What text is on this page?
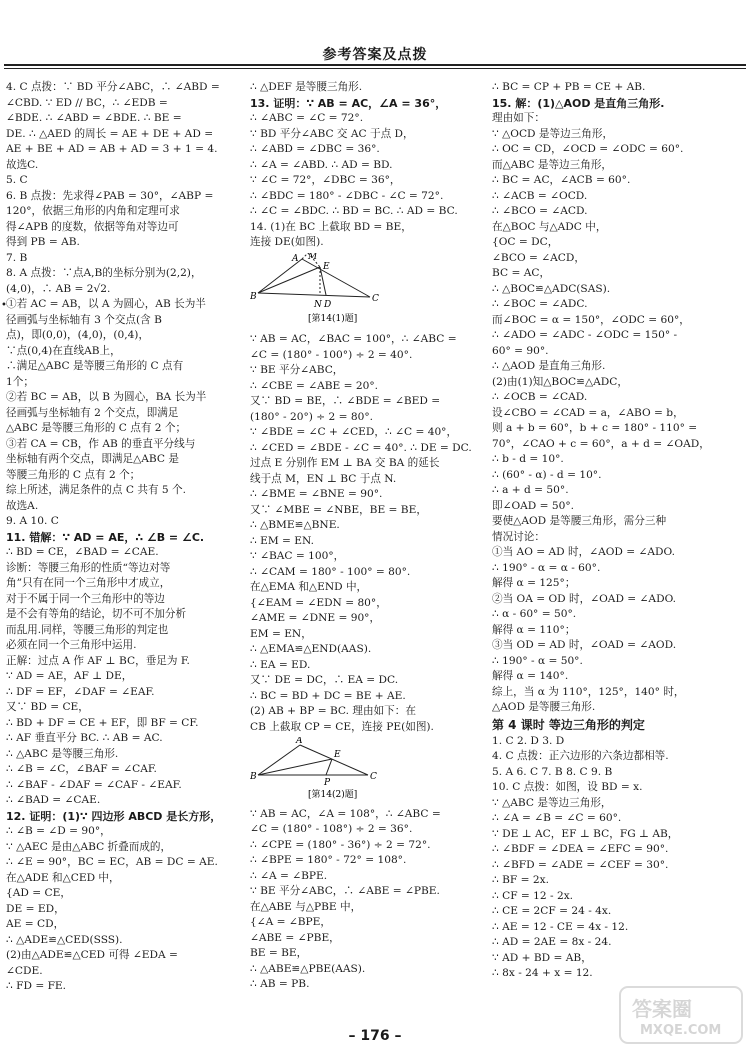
参考答案及点拨
•
4. C 点拨：∵ BD 平分∠ABC，∴ ∠ABD =
∠CBD. ∵ ED // BC，∴ ∠EDB =
∠BDE. ∴ ∠ABD = ∠BDE. ∴ BE =
DE. ∴ △AED 的周长 = AE + DE + AD =
AE + BE + AD = AB + AD = 3 + 1 = 4.
故选C.
5. C
6. B 点拨：先求得∠PAB = 30°，∠ABP =
120°，依据三角形的内角和定理可求
得∠APB 的度数，依据等角对等边可
得到 PB = AB.
7. B
8. A 点拨：∵点A,B的坐标分别为(2,2)，
(4,0)，∴ AB = 2√2.
①若 AC = AB，以 A 为圆心，AB 长为半
径画弧与坐标轴有 3 个交点(含 B
点)，即(0,0)，(4,0)，(0,4)，
∵点(0,4)在直线AB上，
∴满足△ABC 是等腰三角形的 C 点有
1个；
②若 BC = AB，以 B 为圆心，BA 长为半
径画弧与坐标轴有 2 个交点，即满足
△ABC 是等腰三角形的 C 点有 2 个；
③若 CA = CB，作 AB 的垂直平分线与
坐标轴有两个交点，即满足△ABC 是
等腰三角形的 C 点有 2 个；
综上所述，满足条件的点 C 共有 5 个.
故选A.
9. A 10. C
11. 错解：∵ AD = AE，∴ ∠B = ∠C.
∴ BD = CE，∠BAD = ∠CAE.
诊断：等腰三角形的性质“等边对等
角”只有在同一个三角形中才成立，
对于不属于同一个三角形中的等边
是不会有等角的结论，切不可不加分析
而乱用.同样，等腰三角形的判定也
必须在同一个三角形中运用.
正解：过点 A 作 AF ⊥ BC，垂足为 F.
∵ AD = AE，AF ⊥ DE，
∴ DF = EF，∠DAF = ∠EAF.
又∵ BD = CE，
∴ BD + DF = CE + EF，即 BF = CF.
∴ AF 垂直平分 BC. ∴ AB = AC.
∴ △ABC 是等腰三角形.
∴ ∠B = ∠C，∠BAF = ∠CAF.
∴ ∠BAF - ∠DAF = ∠CAF - ∠EAF.
∴ ∠BAD = ∠CAE.
12. 证明：(1)∵ 四边形 ABCD 是长方形，
∴ ∠B = ∠D = 90°，
∵ △AEC 是由△ABC 折叠而成的，
∴ ∠E = 90°，BC = EC，AB = DC = AE.
在△ADE 和△CED 中，
{AD = CE，
DE = ED，
AE = CD，
∴ △ADE≌△CED(SSS).
(2)由△ADE≌△CED 可得 ∠EDA =
∠CDE.
∴ FD = FE.
∴ △DEF 是等腰三角形.
13. 证明：∵ AB = AC，∠A = 36°，
∴ ∠ABC = ∠C = 72°.
∵ BD 平分∠ABC 交 AC 于点 D，
∴ ∠ABD = ∠DBC = 36°.
∴ ∠A = ∠ABD. ∴ AD = BD.
∵ ∠C = 72°，∠DBC = 36°，
∴ ∠BDC = 180° - ∠DBC - ∠C = 72°.
∴ ∠C = ∠BDC. ∴ BD = BC. ∴ AD = BC.
14. (1)在 BC 上截取 BD = BE，
连接 DE(如图).
A M
E
B
N D
C
[第14(1)题]
∵ AB = AC，∠BAC = 100°，∴ ∠ABC =
∠C = (180° - 100°) ÷ 2 = 40°.
∵ BE 平分∠ABC，
∴ ∠CBE = ∠ABE = 20°.
又∵ BD = BE，∴ ∠BDE = ∠BED =
(180° - 20°) ÷ 2 = 80°.
∵ ∠BDE = ∠C + ∠CED，∴ ∠C = 40°，
∴ ∠CED = ∠BDE - ∠C = 40°. ∴ DE = DC.
过点 E 分别作 EM ⊥ BA 交 BA 的延长
线于点 M，EN ⊥ BC 于点 N.
∴ ∠BME = ∠BNE = 90°.
又∵ ∠MBE = ∠NBE，BE = BE，
∴ △BME≌△BNE.
∴ EM = EN.
∵ ∠BAC = 100°，
∴ ∠CAM = 180° - 100° = 80°.
在△EMA 和△END 中，
{∠EAM = ∠EDN = 80°，
∠AME = ∠DNE = 90°，
EM = EN，
∴ △EMA≌△END(AAS).
∴ EA = ED.
又∵ DE = DC，∴ EA = DC.
∴ BC = BD + DC = BE + AE.
(2) AB + BP = BC. 理由如下：在
CB 上截取 CP = CE，连接 PE(如图).
A
E
B
P
C
[第14(2)题]
∵ AB = AC，∠A = 108°，∴ ∠ABC =
∠C = (180° - 108°) ÷ 2 = 36°.
∴ ∠CPE = (180° - 36°) ÷ 2 = 72°.
∴ ∠BPE = 180° - 72° = 108°.
∴ ∠A = ∠BPE.
∵ BE 平分∠ABC，∴ ∠ABE = ∠PBE.
在△ABE 与△PBE 中，
{∠A = ∠BPE，
∠ABE = ∠PBE，
BE = BE，
∴ △ABE≌△PBE(AAS).
∴ AB = PB.
∴ BC = CP + PB = CE + AB.
15. 解：(1)△AOD 是直角三角形.
理由如下：
∵ △OCD 是等边三角形，
∴ OC = CD，∠OCD = ∠ODC = 60°.
而△ABC 是等边三角形，
∴ BC = AC，∠ACB = 60°.
∴ ∠ACB = ∠OCD.
∴ ∠BCO = ∠ACD.
在△BOC 与△ADC 中，
{OC = DC，
∠BCO = ∠ACD，
BC = AC，
∴ △BOC≌△ADC(SAS).
∴ ∠BOC = ∠ADC.
而∠BOC = α = 150°，∠ODC = 60°，
∴ ∠ADO = ∠ADC - ∠ODC = 150° -
60° = 90°.
∴ △AOD 是直角三角形.
(2)由(1)知△BOC≌△ADC，
∴ ∠OCB = ∠CAD.
设∠CBO = ∠CAD = a，∠ABO = b，
则 a + b = 60°，b + c = 180° - 110° =
70°，∠CAO + c = 60°，a + d = ∠OAD，
∴ b - d = 10°.
∴ (60° - α) - d = 10°.
∴ a + d = 50°.
即∠OAD = 50°.
要使△AOD 是等腰三角形，需分三种
情况讨论：
①当 AO = AD 时，∠AOD = ∠ADO.
∴ 190° - α = α - 60°.
解得 α = 125°；
②当 OA = OD 时，∠OAD = ∠ADO.
∴ α - 60° = 50°.
解得 α = 110°；
③当 OD = AD 时，∠OAD = ∠AOD.
∴ 190° - α = 50°.
解得 α = 140°.
综上，当 α 为 110°，125°，140° 时，
△AOD 是等腰三角形.
第 4 课时 等边三角形的判定
1. C 2. D 3. D
4. C 点拨：正六边形的六条边都相等.
5. A 6. C 7. B 8. C 9. B
10. C 点拨：如图，设 BD = x.
∵ △ABC 是等边三角形，
∴ ∠A = ∠B = ∠C = 60°.
∵ DE ⊥ AC，EF ⊥ BC，FG ⊥ AB，
∴ ∠BDF = ∠DEA = ∠EFC = 90°.
∴ ∠BFD = ∠ADE = ∠CEF = 30°.
∴ BF = 2x.
∴ CF = 12 - 2x.
∴ CE = 2CF = 24 - 4x.
∴ AE = 12 - CE = 4x - 12.
∴ AD = 2AE = 8x - 24.
∵ AD + BD = AB，
∴ 8x - 24 + x = 12.
– 176 –
答案圈
MXQE.COM
